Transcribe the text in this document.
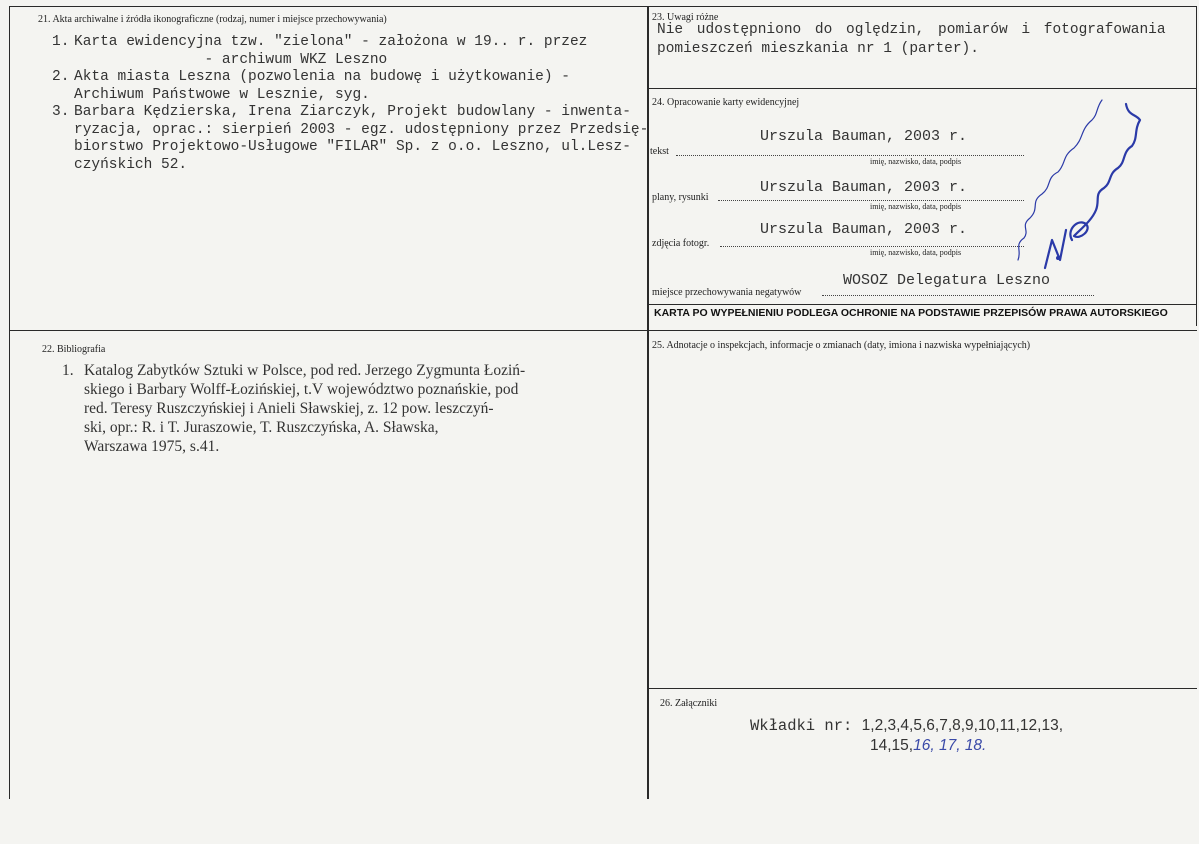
21. Akta archiwalne i źródła ikonograficzne (rodzaj, numer i miejsce przechowywania)
1. Karta ewidencyjna tzw. "zielona" - założona w 19.. r. przez
- archiwum WKZ Leszno
2. Akta miasta Leszna (pozwolenia na budowę i użytkowanie) -
Archiwum Państwowe w Lesznie, syg.
3. Barbara Kędzierska, Irena Ziarczyk, Projekt budowlany - inwenta-
ryzacja, oprac.: sierpień 2003 - egz. udostępniony przez Przedsię-
biorstwo Projektowo-Usługowe "FILAR" Sp. z o.o. Leszno, ul.Lesz-
czyńskich 52.
22. Bibliografia
1. Katalog Zabytków Sztuki w Polsce, pod red. Jerzego Zygmunta Łoziń-
skiego i Barbary Wolff-Łozińskiej, t.V województwo poznańskie, pod
red. Teresy Ruszczyńskiej i Anieli Sławskiej, z. 12 pow. leszczyń-
ski, opr.: R. i T. Juraszowie, T. Ruszczyńska, A. Sławska,
Warszawa 1975, s.41.
23. Uwagi różne
Nie udostępniono do oględzin, pomiarów i fotografowania
pomieszczeń mieszkania nr 1 (parter).
24. Opracowanie karty ewidencyjnej
Urszula Bauman, 2003 r.
tekst
imię, nazwisko, data, podpis
Urszula Bauman, 2003 r.
plany, rysunki
imię, nazwisko, data, podpis
Urszula Bauman, 2003 r.
zdjęcia fotogr.
imię, nazwisko, data, podpis
WOSOZ Delegatura Leszno
miejsce przechowywania negatywów
KARTA PO WYPEŁNIENIU PODLEGA OCHRONIE NA PODSTAWIE PRZEPISÓW PRAWA AUTORSKIEGO
25. Adnotacje o inspekcjach, informacje o zmianach (daty, imiona i nazwiska wypełniających)
26. Załączniki
Wkładki nr: 1,2,3,4,5,6,7,8,9,10,11,12,13,
14,15,16, 17, 18.
